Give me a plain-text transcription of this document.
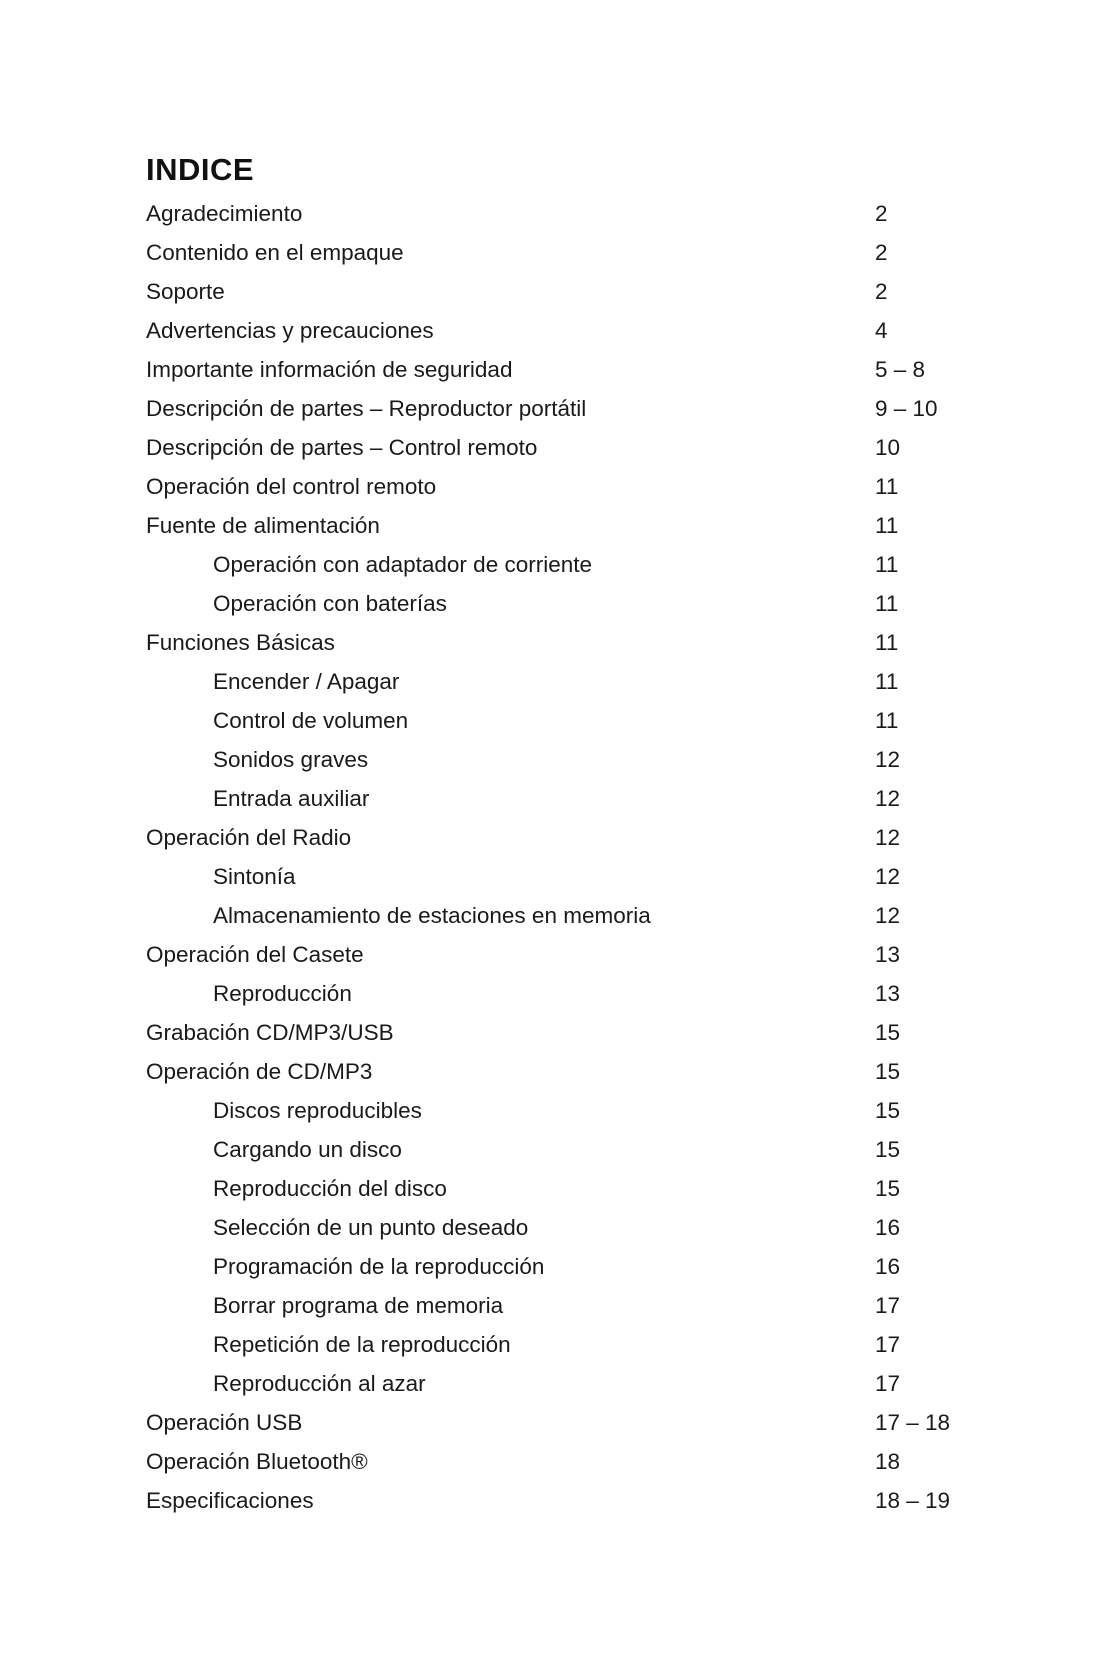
INDICE
Agradecimiento	2
Contenido en el empaque	2
Soporte	2
Advertencias y precauciones	4
Importante información de seguridad	5 – 8
Descripción de partes – Reproductor portátil	9 – 10
Descripción de partes – Control remoto	10
Operación del control remoto	11
Fuente de alimentación	11
Operación con adaptador de corriente	11
Operación con baterías	11
Funciones Básicas	11
Encender / Apagar	11
Control de volumen	11
Sonidos graves	12
Entrada auxiliar	12
Operación del Radio	12
Sintonía	12
Almacenamiento de estaciones en memoria	12
Operación del Casete	13
Reproducción	13
Grabación CD/MP3/USB	15
Operación de CD/MP3	15
Discos reproducibles	15
Cargando un disco	15
Reproducción del disco	15
Selección de un punto deseado	16
Programación de la reproducción	16
Borrar programa de memoria	17
Repetición de la reproducción	17
Reproducción al azar	17
Operación USB	17 – 18
Operación Bluetooth®	18
Especificaciones	18 – 19
